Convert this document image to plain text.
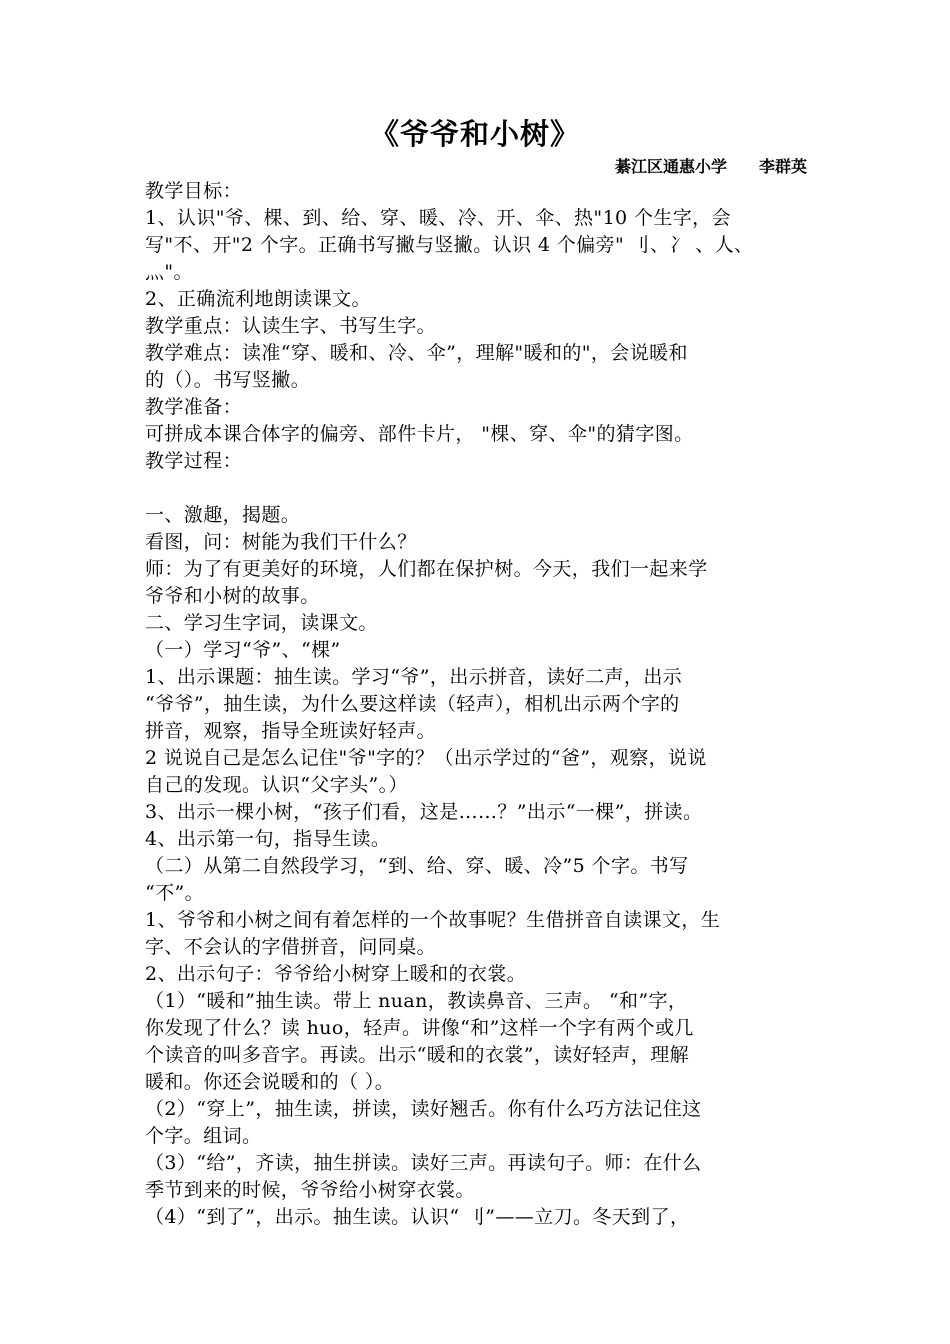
《爷爷和小树》
綦江区通惠小学　　李群英
教学目标：
1、认识"爷、棵、到、给、穿、暖、冷、开、伞、热"10 个生字，会
写"不、开"2 个字。正确书写撇与竖撇。认识 4 个偏旁" 刂、冫 、人、
灬"。
2、正确流利地朗读课文。
教学重点：认读生字、书写生字。
教学难点：读准“穿、暖和、冷、伞”，理解"暖和的"，会说暖和
的（）。书写竖撇。
教学准备：
可拼成本课合体字的偏旁、部件卡片， "棵、穿、伞"的猜字图。
教学过程：
一、激趣，揭题。
看图，问：树能为我们干什么？
师：为了有更美好的环境，人们都在保护树。今天，我们一起来学
爷爷和小树的故事。
二、学习生字词，读课文。
（一）学习“爷”、“棵”
1、出示课题：抽生读。学习“爷”，出示拼音，读好二声，出示
“爷爷”，抽生读，为什么要这样读（轻声），相机出示两个字的
拼音，观察，指导全班读好轻声。
2 说说自己是怎么记住"爷"字的？（出示学过的“爸”，观察，说说
自己的发现。认识“父字头”。）
3、出示一棵小树，“孩子们看，这是……？”出示“一棵”，拼读。
4、出示第一句，指导生读。
（二）从第二自然段学习，“到、给、穿、暖、冷”5 个字。书写
“不”。
1、爷爷和小树之间有着怎样的一个故事呢？生借拼音自读课文，生
字、不会认的字借拼音，问同桌。
2、出示句子：爷爷给小树穿上暖和的衣裳。
（1）“暖和”抽生读。带上 nuan，教读鼻音、三声。 “和”字，
你发现了什么？读 huo，轻声。讲像“和”这样一个字有两个或几
个读音的叫多音字。再读。出示“暖和的衣裳”，读好轻声，理解
暖和。你还会说暖和的（ ）。
（2）“穿上”，抽生读，拼读，读好翘舌。你有什么巧方法记住这
个字。组词。
（3）“给”，齐读，抽生拼读。读好三声。再读句子。师：在什么
季节到来的时候，爷爷给小树穿衣裳。
（4）“到了”，出示。抽生读。认识“ 刂”——立刀。冬天到了，
